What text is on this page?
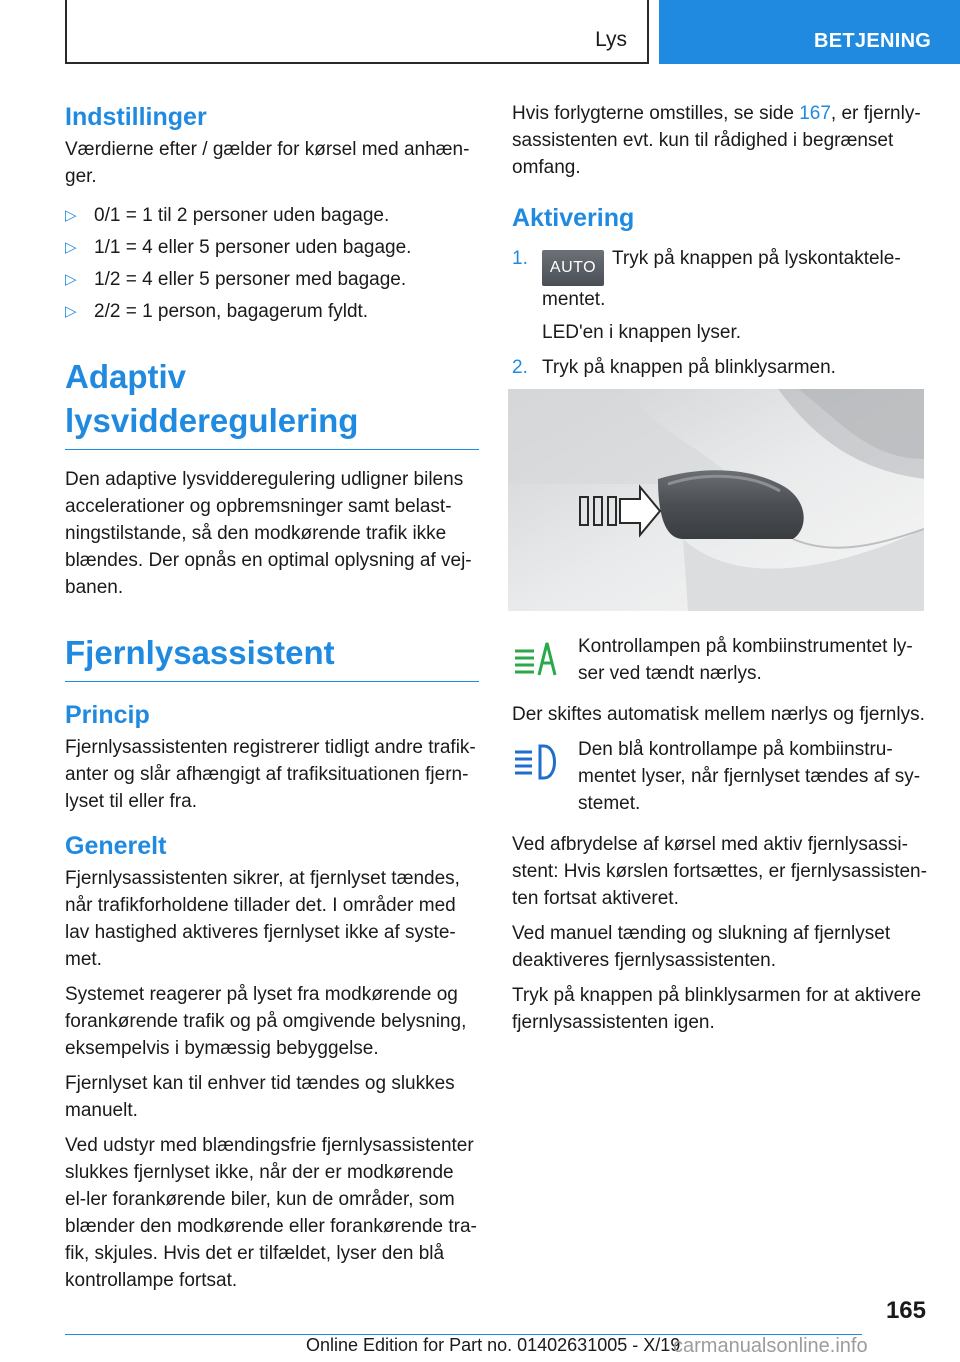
Lys	BETJENING
Indstillinger

Værdierne efter / gælder for kørsel med anhæn-ger.

▷ 0/1 = 1 til 2 personer uden bagage.
▷ 1/1 = 4 eller 5 personer uden bagage.
▷ 1/2 = 4 eller 5 personer med bagage.
▷ 2/2 = 1 person, bagagerum fyldt.
Adaptiv lysvidderegulering

Den adaptive lysvidderegulering udligner bilens accelerationer og opbremsninger samt belast-ningstilstande, så den modkørende trafik ikke blændes. Der opnås en optimal oplysning af vej-banen.

Fjernlysassistent
Princip

Fjernlysassistenten registrerer tidligt andre trafik-anter og slår afhængigt af trafiksituationen fjern-lyset til eller fra.

Generelt

Fjernlysassistenten sikrer, at fjernlyset tændes, når trafikforholdene tillader det. I områder med lav hastighed aktiveres fjernlyset ikke af syste-met.

Systemet reagerer på lyset fra modkørende og forankørende trafik og på omgivende belysning, eksempelvis i bymæssig bebyggelse.

Fjernlyset kan til enhver tid tændes og slukkes manuelt.

Ved udstyr med blændingsfrie fjernlysassistenter slukkes fjernlyset ikke, når der er modkørende el-ler forankørende biler, kun de områder, som blænder den modkørende eller forankørende tra-fik, skjules. Hvis det er tilfældet, lyser den blå kontrollampe fortsat.

Hvis forlygterne omstilles, se side 167, er fjernly-sassistenten evt. kun til rådighed i begrænset omfang.

Aktivering
1.	AUTO Tryk på knappen på lyskontaktele-mentet.

LED'en i knappen lyser.

2. Tryk på knappen på blinklysarmen.

Kontrollampen på kombiinstrumentet ly-ser ved tændt nærlys.

Der skiftes automatisk mellem nærlys og fjernlys.

Den blå kontrollampe på kombiinstru-mentet lyser, når fjernlyset tændes af sy-stemet.

Ved afbrydelse af kørsel med aktiv fjernlysassi-stent: Hvis kørslen fortsættes, er fjernlysassisten-ten fortsat aktiveret.

Ved manuel tænding og slukning af fjernlyset deaktiveres fjernlysassistenten.

Tryk på knappen på blinklysarmen for at aktivere fjernlysassistenten igen.

165
Online Edition for Part no. 01402631005 - X/19
carmanualsonline.info
